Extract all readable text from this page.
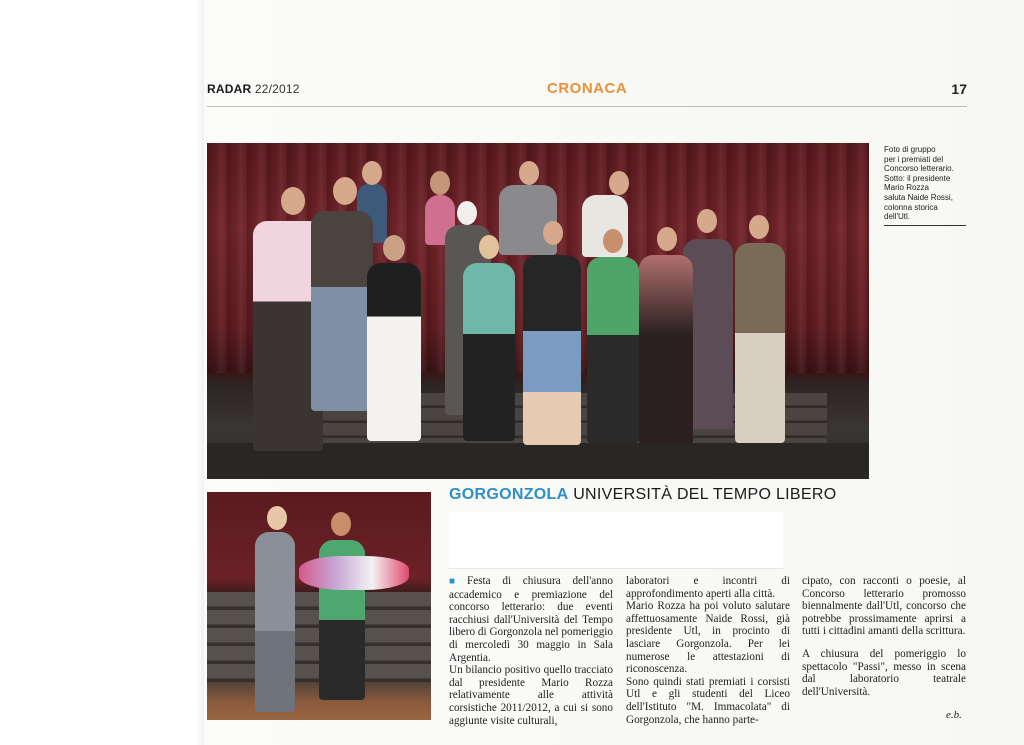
RADAR 22/2012	CRONACA	17
Foto di gruppo
per i premiati del
Concorso letterario.
Sotto: il presidente
Mario Rozza
saluta Naide Rossi,
colonna storica
dell'Utl.
GORGONZOLA UNIVERSITÀ DEL TEMPO LIBERO

■ Festa di chiusura dell'anno accademico e premiazione del concorso letterario: due eventi racchiusi dall'Università del Tempo libero di Gorgonzola nel pomeriggio di mercoledì 30 maggio in Sala Argentia.

Un bilancio positivo quello tracciato dal presidente Mario Rozza relativamente alle attività corsistiche 2011/2012, a cui si sono aggiunte visite culturali,

laboratori e incontri di approfondimento aperti alla città.

Mario Rozza ha poi voluto salutare affettuosamente Naide Rossi, già presidente Utl, in procinto di lasciare Gorgonzola. Per lei numerose le attestazioni di riconoscenza.

Sono quindi stati premiati i corsisti Utl e gli studenti del Liceo dell'Istituto "M. Immacolata" di Gorgonzola, che hanno parte-

cipato, con racconti o poesie, al Concorso letterario promosso biennalmente dall'Utl, concorso che potrebbe prossimamente aprirsi a tutti i cittadini amanti della scrittura.

A chiusura del pomeriggio lo spettacolo "Passi", messo in scena dal laboratorio teatrale dell'Università.

e.b.
